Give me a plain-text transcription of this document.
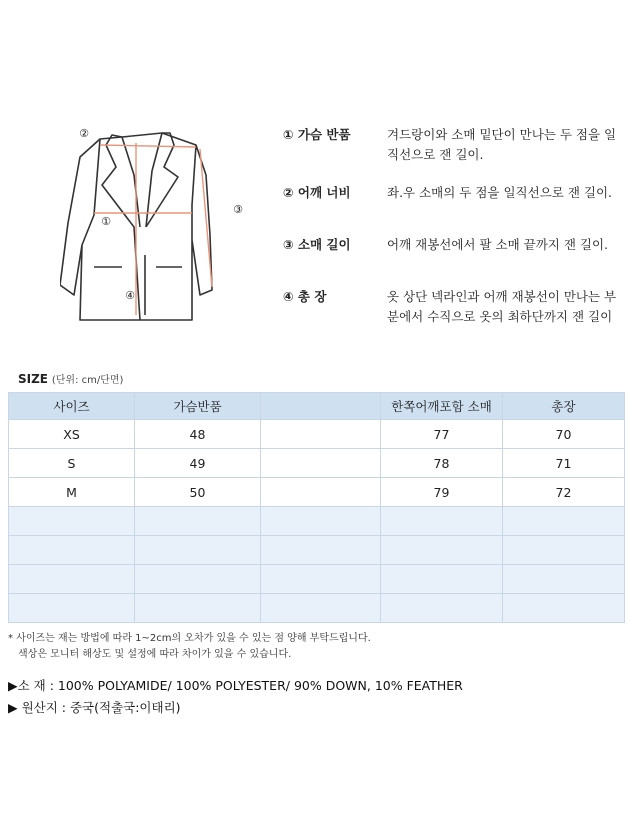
②
①
③
④
① 가슴 반품	겨드랑이와 소매 밑단이 만나는 두 점을 일직선으로 잰 길이.
② 어깨 너비	좌.우 소매의 두 점을 일직선으로 잰 길이.
③ 소매 길이	어깨 재봉선에서 팔 소매 끝까지 잰 길이.
④ 총 장	옷 상단 넥라인과 어깨 재봉선이 만나는 부분에서 수직으로 옷의 최하단까지 잰 길이
SIZE (단위: cm/단면)
사이즈	가슴반품		한쪽어깨포함 소매	총장
XS	48		77	70
S	49		78	71
M	50		79	72

* 사이즈는 재는 방법에 따라 1~2cm의 오차가 있을 수 있는 점 양해 부탁드립니다.
색상은 모니터 해상도 및 설정에 따라 차이가 있을 수 있습니다.
▶소 재 : 100% POLYAMIDE/ 100% POLYESTER/ 90% DOWN, 10% FEATHER
▶ 원산지 : 중국(적출국:이태리)
